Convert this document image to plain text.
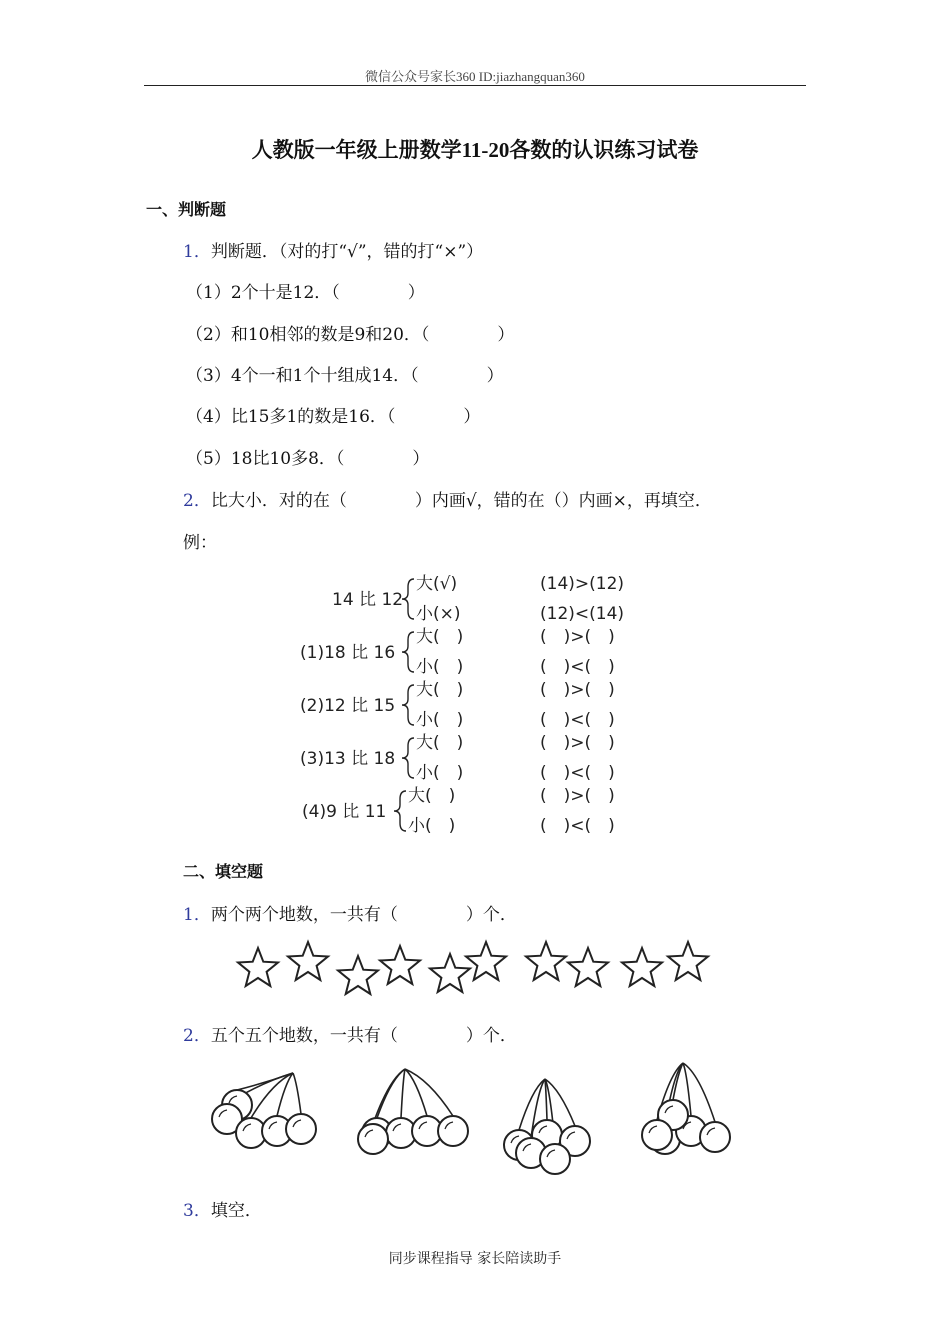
微信公众号家长360 ID:jiazhangquan360
人教版一年级上册数学11-20各数的认识练习试卷
一、判断题
1．判断题．（对的打“√”，错的打“×”）
（1）2个十是12．（　　　　）
（2）和10相邻的数是9和20．（　　　　）
（3）4个一和1个十组成14．（　　　　）
（4）比15多1的数是16．（　　　　）
（5）18比10多8．（　　　　）
2．比大小．对的在（　　　　）内画√，错的在（）内画×，再填空．
例：
14 比 12
大(√)
小(×)
(14)>(12)
(12)<(14)
(1)18 比 16
大(　)
小(　)
(　)>(　)
(　)<(　)
(2)12 比 15
大(　)
小(　)
(　)>(　)
(　)<(　)
(3)13 比 18
大(　)
小(　)
(　)>(　)
(　)<(　)
(4)9 比 11
大(　)
小(　)
(　)>(　)
(　)<(　)
二、填空题
1．两个两个地数，一共有（　　　　）个．
2．五个五个地数，一共有（　　　　）个．
3．填空．
同步课程指导 家长陪读助手
